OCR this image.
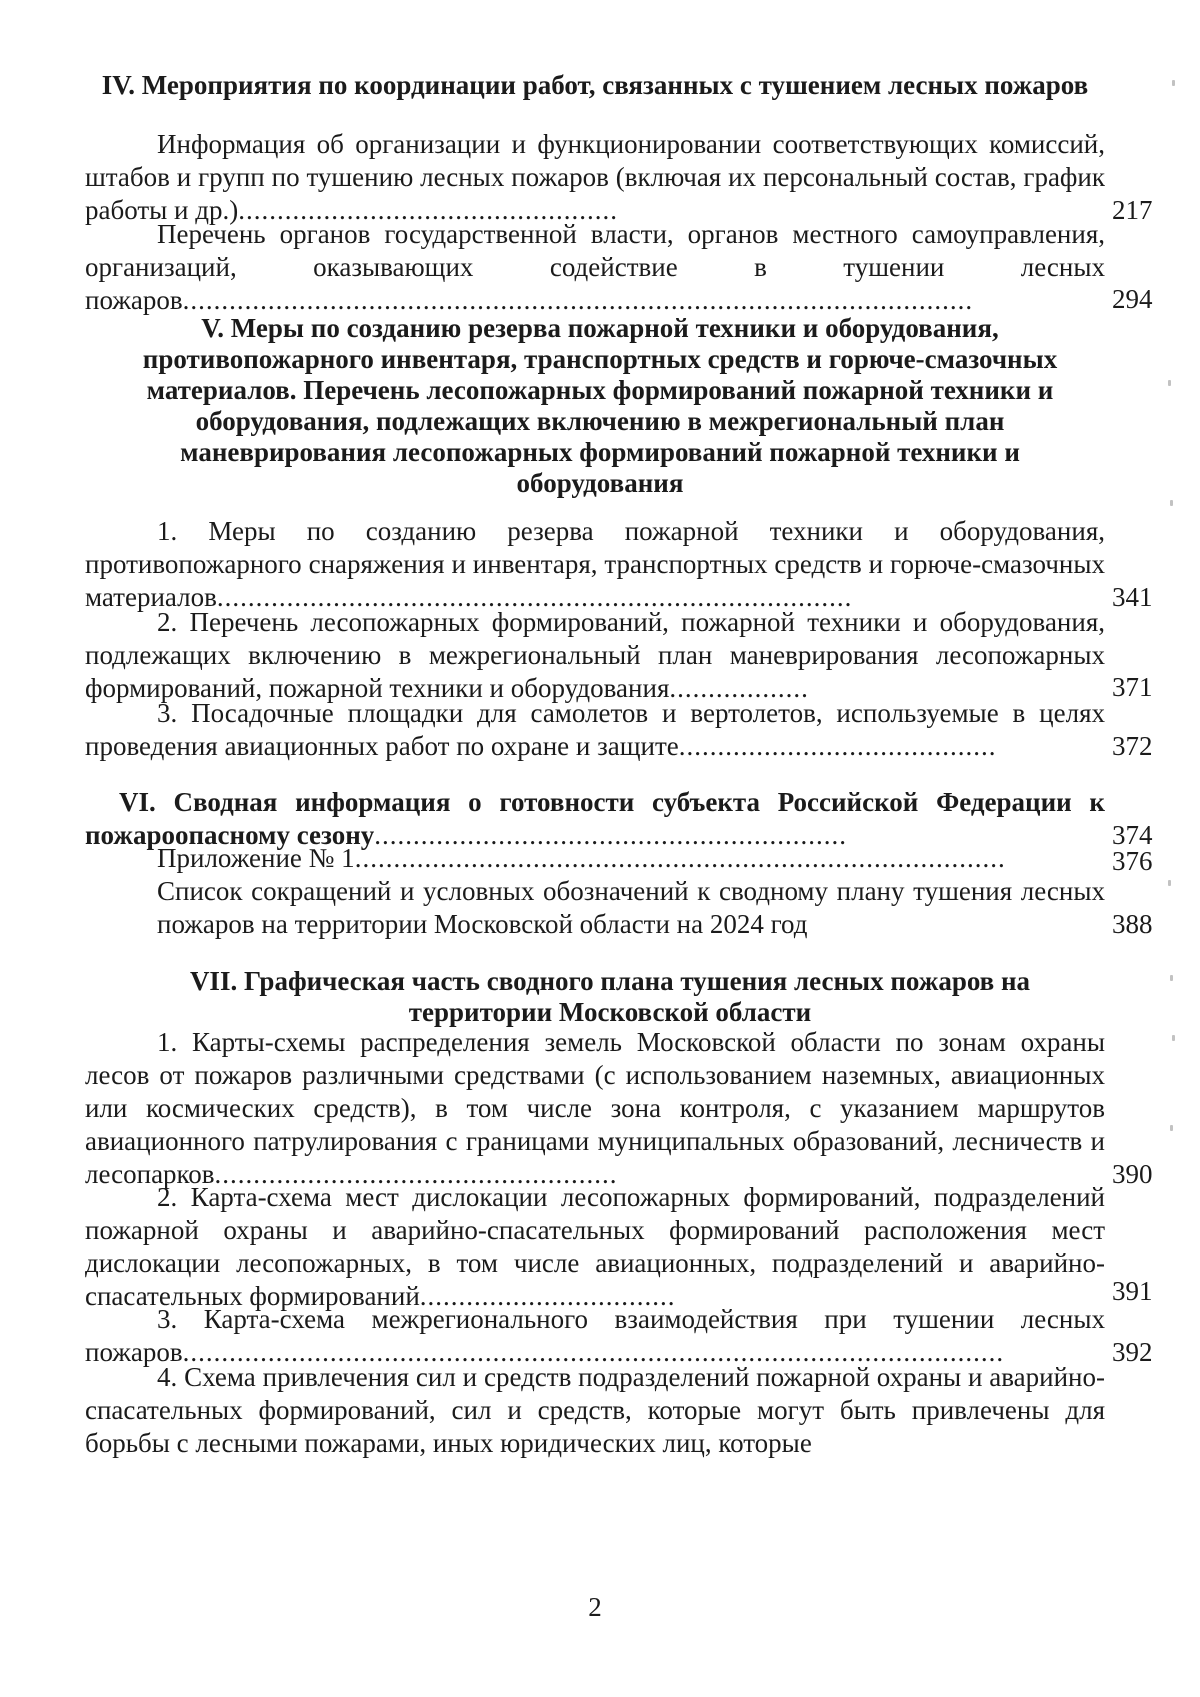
IV. Мероприятия по координации работ, связанных с тушением лесных пожаров
Информация об организации и функционировании соответствующих комиссий, штабов и групп по тушению лесных пожаров (включая их персональный состав, график работы и др.).................................................	217
Перечень органов государственной власти, органов местного самоуправления, организаций, оказывающих содействие в тушении лесных пожаров......................................................................................................	294
V. Меры по созданию резерва пожарной техники и оборудования, противопожарного инвентаря, транспортных средств и горюче-смазочных материалов. Перечень лесопожарных формирований пожарной техники и оборудования, подлежащих включению в межрегиональный план маневрирования лесопожарных формирований пожарной техники и оборудования
1. Меры по созданию резерва пожарной техники и оборудования, противопожарного снаряжения и инвентаря, транспортных средств и горюче-смазочных материалов..................................................................................	341
2. Перечень лесопожарных формирований, пожарной техники и оборудования, подлежащих включению в межрегиональный план маневрирования лесопожарных формирований, пожарной техники и оборудования..................	371
3. Посадочные площадки для самолетов и вертолетов, используемые в целях проведения авиационных работ по охране и защите.........................................	372
VI. Сводная информация о готовности субъекта Российской Федерации к пожароопасному сезону.............................................................	374
Приложение № 1....................................................................................	376
Список сокращений и условных обозначений к сводному плану тушения лесных пожаров на территории Московской области на 2024 год	388
VII. Графическая часть сводного плана тушения лесных пожаров на территории Московской области
1. Карты-схемы распределения земель Московской области по зонам охраны лесов от пожаров различными средствами (с использованием наземных, авиационных или космических средств), в том числе зона контроля, с указанием маршрутов авиационного патрулирования с границами муниципальных образований, лесничеств и лесопарков....................................................	390
2. Карта-схема мест дислокации лесопожарных формирований, подразделений пожарной охраны и аварийно-спасательных формирований расположения мест дислокации лесопожарных, в том числе авиационных, подразделений и аварийно-спасательных формирований.................................	391
3. Карта-схема межрегионального взаимодействия при тушении лесных пожаров..........................................................................................................	392
4. Схема привлечения сил и средств подразделений пожарной охраны и аварийно-спасательных формирований, сил и средств, которые могут быть привлечены для борьбы с лесными пожарами, иных юридических лиц, которые
2
